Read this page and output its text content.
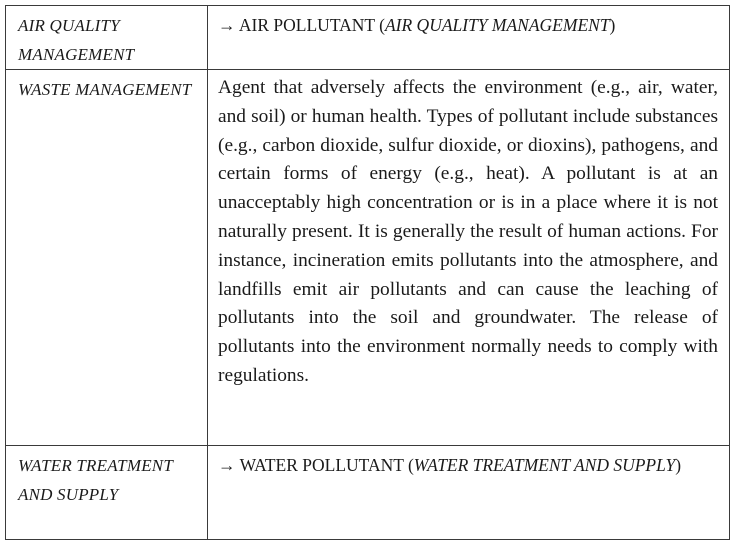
AIR QUALITY MANAGEMENT	→ AIR POLLUTANT (AIR QUALITY MANAGEMENT)
WASTE MANAGEMENT	Agent that adversely affects the environment (e.g., air, water, and soil) or human health. Types of pollutant include substances (e.g., carbon dioxide, sulfur dioxide, or dioxins), pathogens, and certain forms of energy (e.g., heat). A pollutant is at an unacceptably high concentration or is in a place where it is not naturally present. It is generally the result of human actions. For instance, incineration emits pollutants into the atmosphere, and landfills emit air pollutants and can cause the leaching of pollutants into the soil and groundwater. The release of pollutants into the environment normally needs to comply with regulations.

WATER TREATMENT AND SUPPLY	→ WATER POLLUTANT (WATER TREATMENT AND SUPPLY)
